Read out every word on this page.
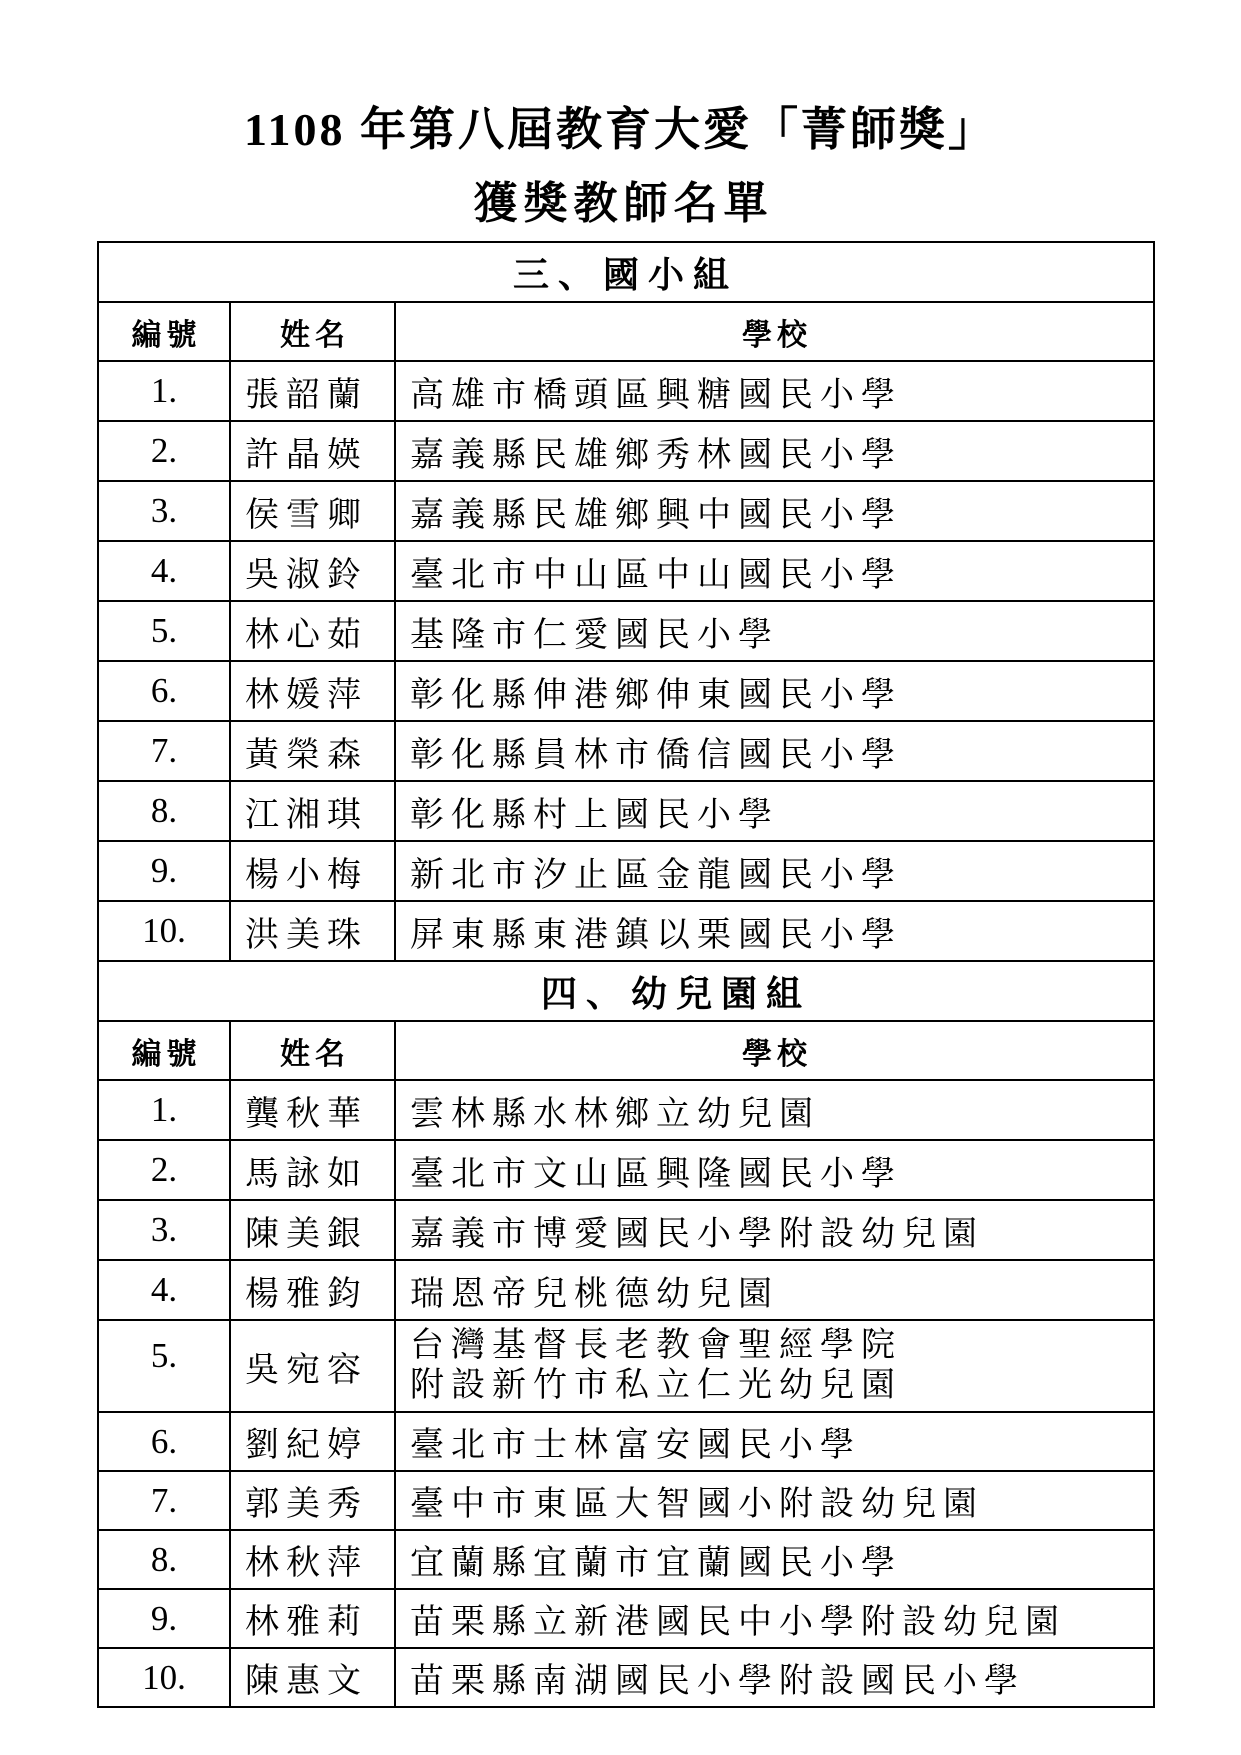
1108 年第八屆教育大愛「菁師獎」
獲獎教師名單
三、國小組		
編號	姓名	學校
1.	張韶蘭	高雄市橋頭區興糖國民小學
2.	許晶媖	嘉義縣民雄鄉秀林國民小學
3.	侯雪卿	嘉義縣民雄鄉興中國民小學
4.	吳淑鈴	臺北市中山區中山國民小學
5.	林心茹	基隆市仁愛國民小學
6.	林媛萍	彰化縣伸港鄉伸東國民小學
7.	黃榮森	彰化縣員林市僑信國民小學
8.	江湘琪	彰化縣村上國民小學
9.	楊小梅	新北市汐止區金龍國民小學
10.	洪美珠	屏東縣東港鎮以栗國民小學
四、幼兒園組		
編號	姓名	學校
1.	龔秋華	雲林縣水林鄉立幼兒園
2.	馬詠如	臺北市文山區興隆國民小學
3.	陳美銀	嘉義市博愛國民小學附設幼兒園
4.	楊雅鈞	瑞恩帝兒桃德幼兒園
5.	吳宛容	台灣基督長老教會聖經學院
附設新竹市私立仁光幼兒園

6.	劉紀婷	臺北市士林富安國民小學
7.	郭美秀	臺中市東區大智國小附設幼兒園
8.	林秋萍	宜蘭縣宜蘭市宜蘭國民小學
9.	林雅莉	苗栗縣立新港國民中小學附設幼兒園
10.	陳惠文	苗栗縣南湖國民小學附設國民小學
